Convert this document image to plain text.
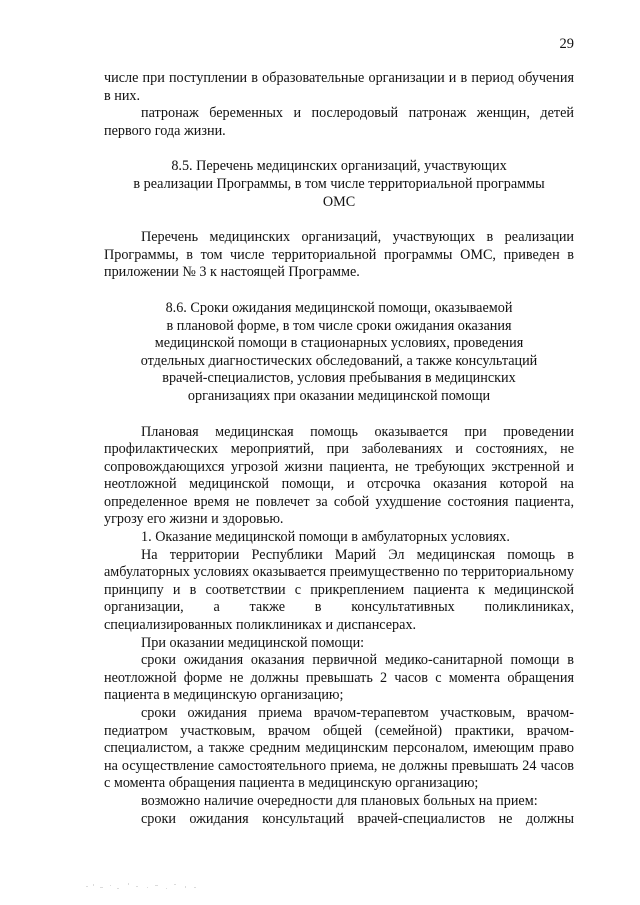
29

числе при поступлении в образовательные организации и в период обучения в них.

патронаж беременных и послеродовый патронаж женщин, детей первого года жизни.

8.5. Перечень медицинских организаций, участвующих

в реализации Программы, в том числе территориальной программы

ОМС

Перечень медицинских организаций, участвующих в реализации Программы, в том числе территориальной программы ОМС, приведен в приложении № 3 к настоящей Программе.

8.6. Сроки ожидания медицинской помощи, оказываемой

в плановой форме, в том числе сроки ожидания оказания

медицинской помощи в стационарных условиях, проведения

отдельных диагностических обследований, а также консультаций

врачей-специалистов, условия пребывания в медицинских

организациях при оказании медицинской помощи

Плановая медицинская помощь оказывается при проведении профилактических мероприятий, при заболеваниях и состояниях, не сопровождающихся угрозой жизни пациента, не требующих экстренной и неотложной медицинской помощи, и отсрочка оказания которой на определенное время не повлечет за собой ухудшение состояния пациента, угрозу его жизни и здоровью.

1. Оказание медицинской помощи в амбулаторных условиях.

На территории Республики Марий Эл медицинская помощь в амбулаторных условиях оказывается преимущественно по территориальному принципу и в соответствии с прикреплением пациента к медицинской организации, а также в консультативных поликлиниках, специализированных поликлиниках и диспансерах.

При оказании медицинской помощи:

сроки ожидания оказания первичной медико-санитарной помощи в неотложной форме не должны превышать 2 часов с момента обращения пациента в медицинскую организацию;

сроки ожидания приема врачом-терапевтом участковым, врачом-педиатром участковым, врачом общей (семейной) практики, врачом-специалистом, а также средним медицинским персоналом, имеющим право на осуществление самостоятельного приема, не должны превышать 24 часов с момента обращения пациента в медицинскую организацию;

возможно наличие очередности для плановых больных на прием:

сроки ожидания консультаций врачей-специалистов не должны
